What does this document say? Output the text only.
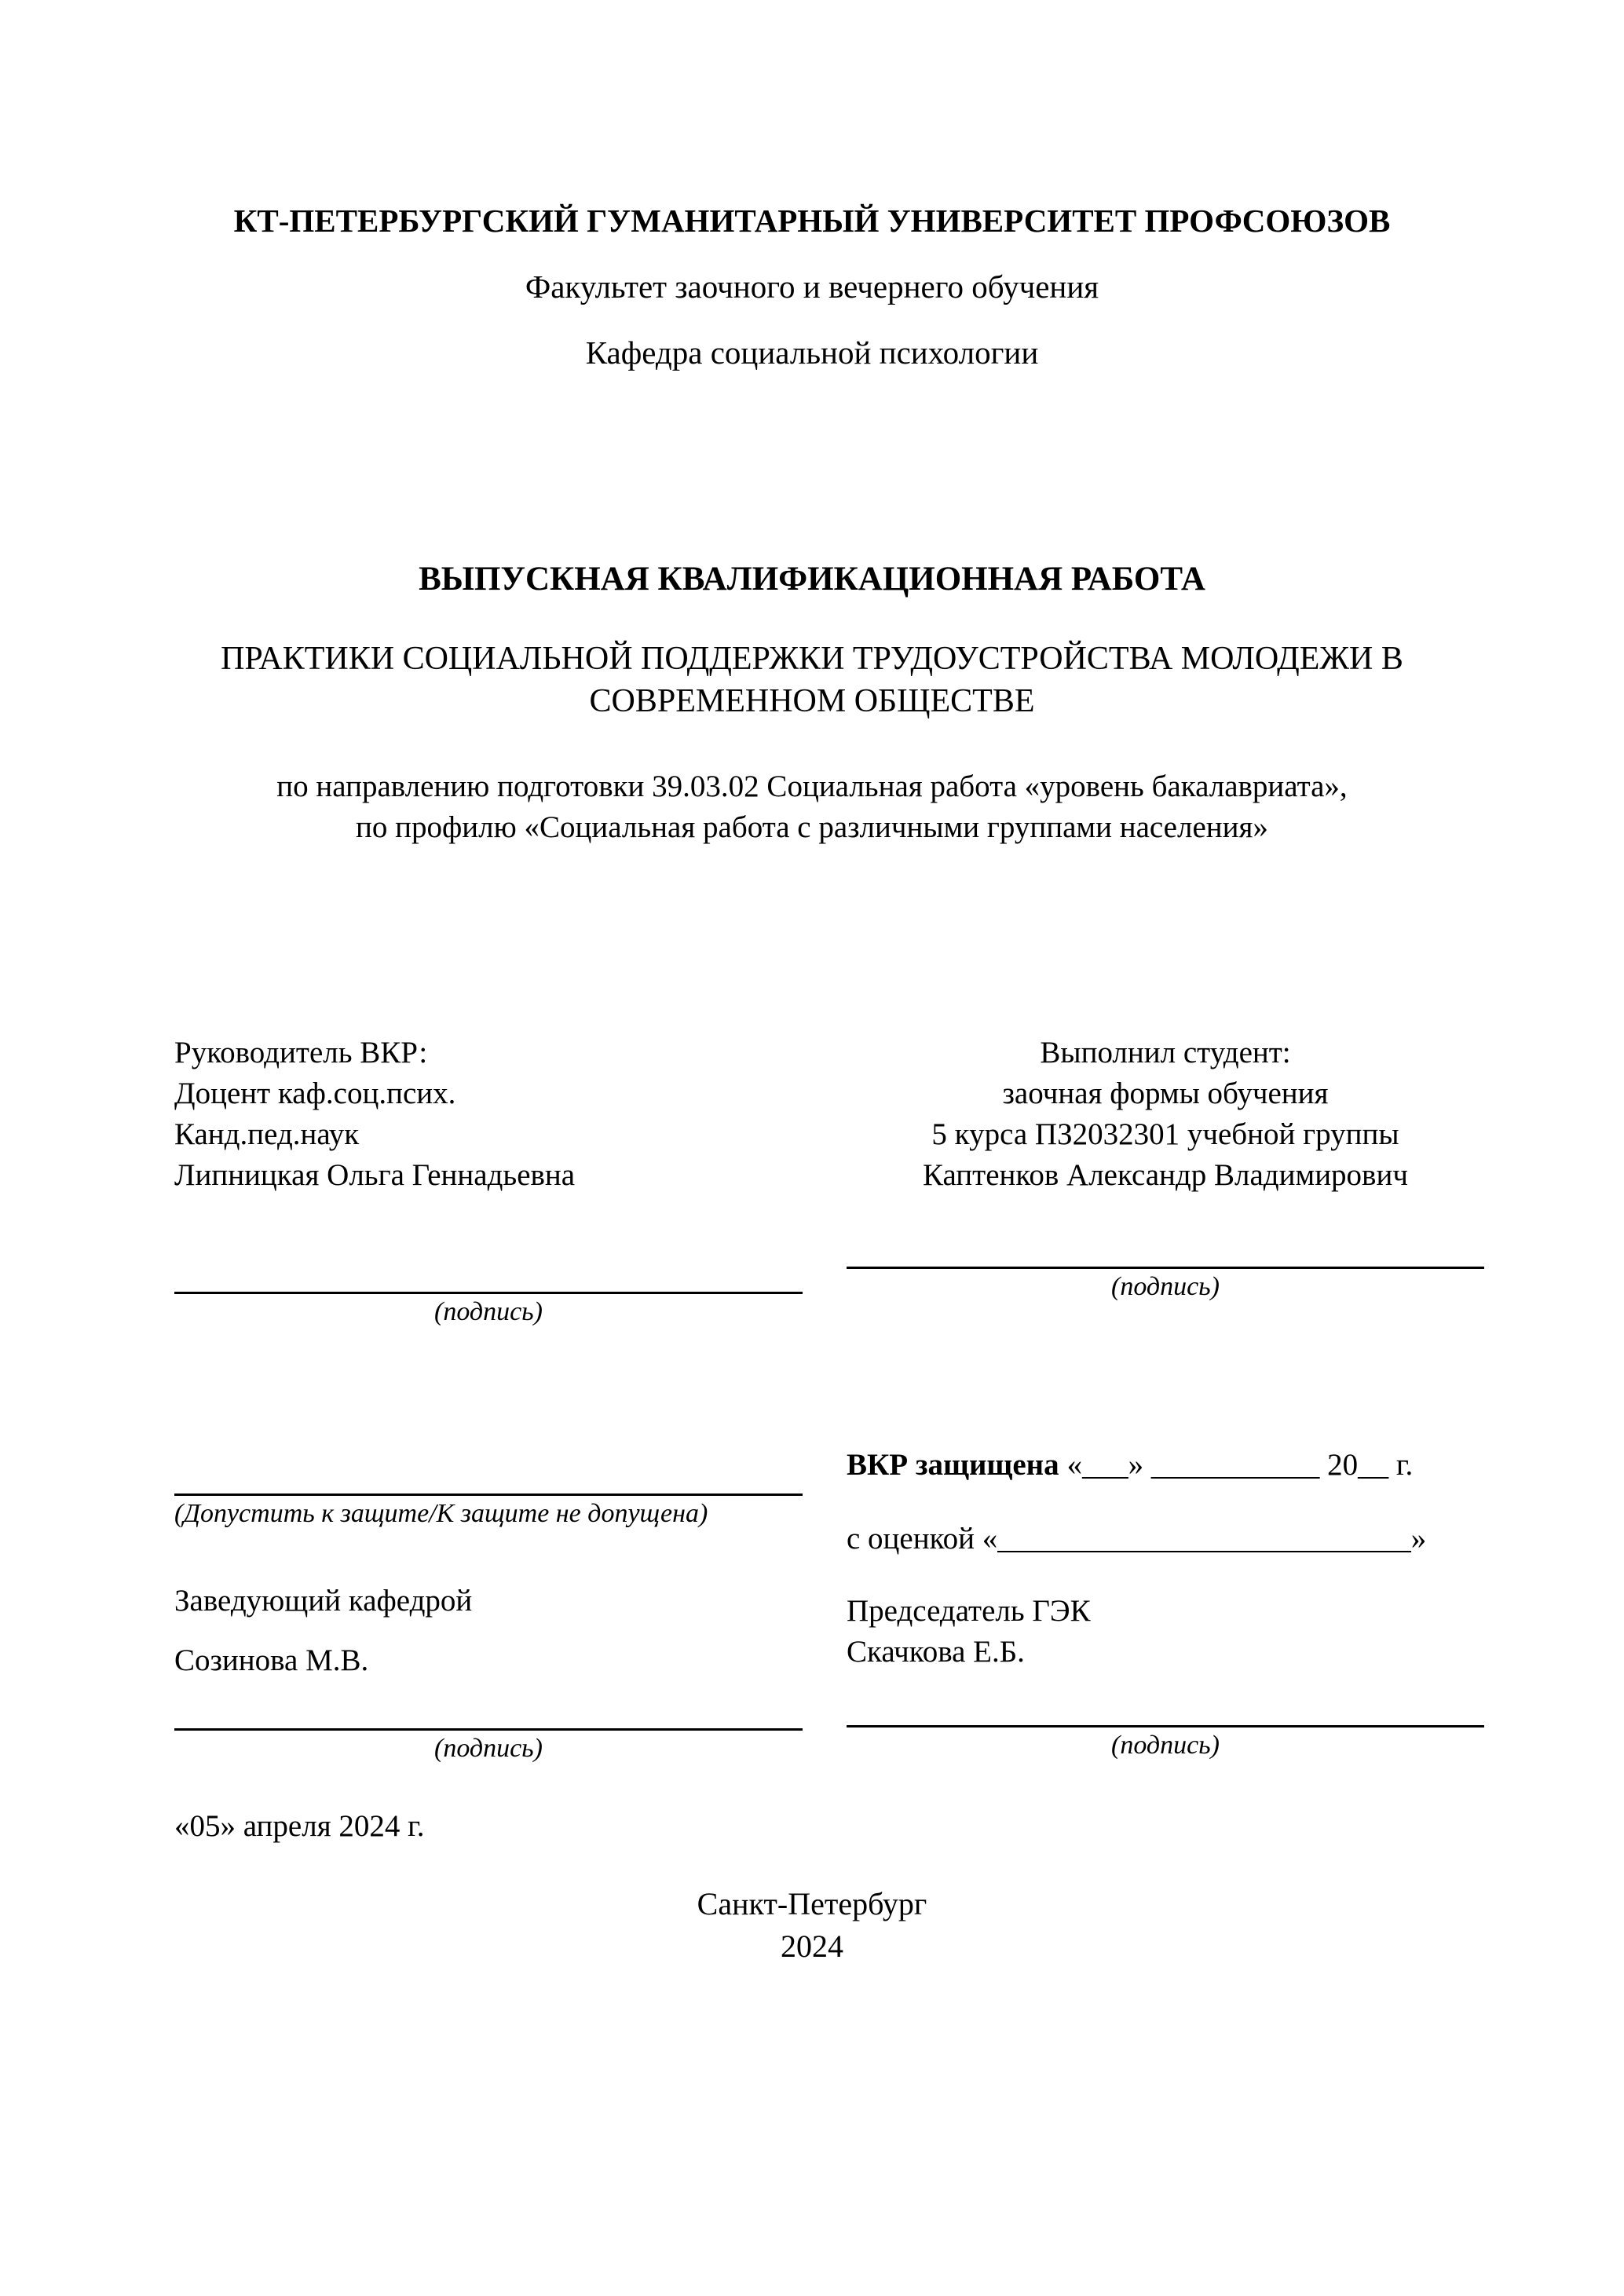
КТ-ПЕТЕРБУРГСКИЙ ГУМАНИТАРНЫЙ УНИВЕРСИТЕТ ПРОФСОЮЗОВ

Факультет заочного и вечернего обучения

Кафедра социальной психологии

ВЫПУСКНАЯ КВАЛИФИКАЦИОННАЯ РАБОТА

ПРАКТИКИ СОЦИАЛЬНОЙ ПОДДЕРЖКИ ТРУДОУСТРОЙСТВА МОЛОДЕЖИ В

СОВРЕМЕННОМ ОБЩЕСТВЕ

по направлению подготовки 39.03.02 Социальная работа «уровень бакалавриата»,

по профилю «Социальная работа с различными группами населения»

Руководитель ВКР:

Доцент каф.соц.псих.

Канд.пед.наук

Липницкая Ольга Геннадьевна

(подпись)

(Допустить к защите/К защите не допущена)

Заведующий кафедрой

Созинова М.В.

(подпись)

«05» апреля 2024 г.

Выполнил студент:

заочная формы обучения

5 курса ПЗ2032301 учебной группы

Каптенков Александр Владимирович

(подпись)

ВКР защищена «___» ___________ 20__ г.

с оценкой «___________________________»

Председатель ГЭК

Скачкова Е.Б.

(подпись)

Санкт-Петербург

2024
